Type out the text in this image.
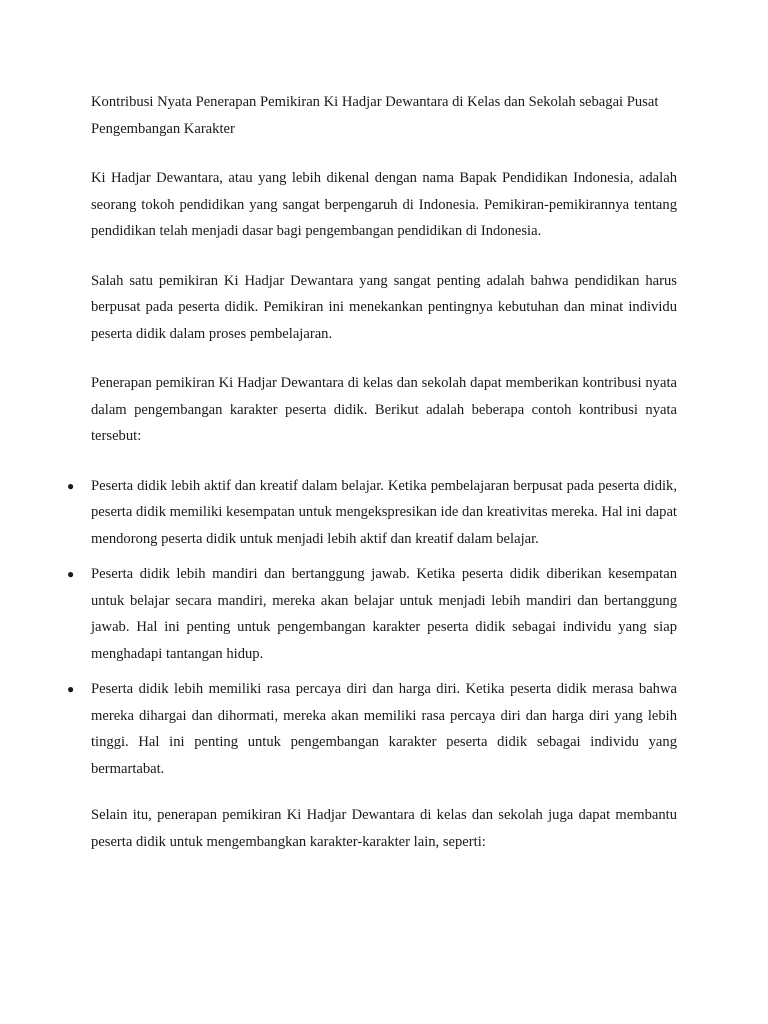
Kontribusi Nyata Penerapan Pemikiran Ki Hadjar Dewantara di Kelas dan Sekolah sebagai Pusat Pengembangan Karakter

Ki Hadjar Dewantara, atau yang lebih dikenal dengan nama Bapak Pendidikan Indonesia, adalah seorang tokoh pendidikan yang sangat berpengaruh di Indonesia. Pemikiran-pemikirannya tentang pendidikan telah menjadi dasar bagi pengembangan pendidikan di Indonesia.

Salah satu pemikiran Ki Hadjar Dewantara yang sangat penting adalah bahwa pendidikan harus berpusat pada peserta didik. Pemikiran ini menekankan pentingnya kebutuhan dan minat individu peserta didik dalam proses pembelajaran.

Penerapan pemikiran Ki Hadjar Dewantara di kelas dan sekolah dapat memberikan kontribusi nyata dalam pengembangan karakter peserta didik. Berikut adalah beberapa contoh kontribusi nyata tersebut:

● Peserta didik lebih aktif dan kreatif dalam belajar. Ketika pembelajaran berpusat pada peserta didik, peserta didik memiliki kesempatan untuk mengekspresikan ide dan kreativitas mereka. Hal ini dapat mendorong peserta didik untuk menjadi lebih aktif dan kreatif dalam belajar.
● Peserta didik lebih mandiri dan bertanggung jawab. Ketika peserta didik diberikan kesempatan untuk belajar secara mandiri, mereka akan belajar untuk menjadi lebih mandiri dan bertanggung jawab. Hal ini penting untuk pengembangan karakter peserta didik sebagai individu yang siap menghadapi tantangan hidup.
● Peserta didik lebih memiliki rasa percaya diri dan harga diri. Ketika peserta didik merasa bahwa mereka dihargai dan dihormati, mereka akan memiliki rasa percaya diri dan harga diri yang lebih tinggi. Hal ini penting untuk pengembangan karakter peserta didik sebagai individu yang bermartabat.

Selain itu, penerapan pemikiran Ki Hadjar Dewantara di kelas dan sekolah juga dapat membantu peserta didik untuk mengembangkan karakter-karakter lain, seperti:
